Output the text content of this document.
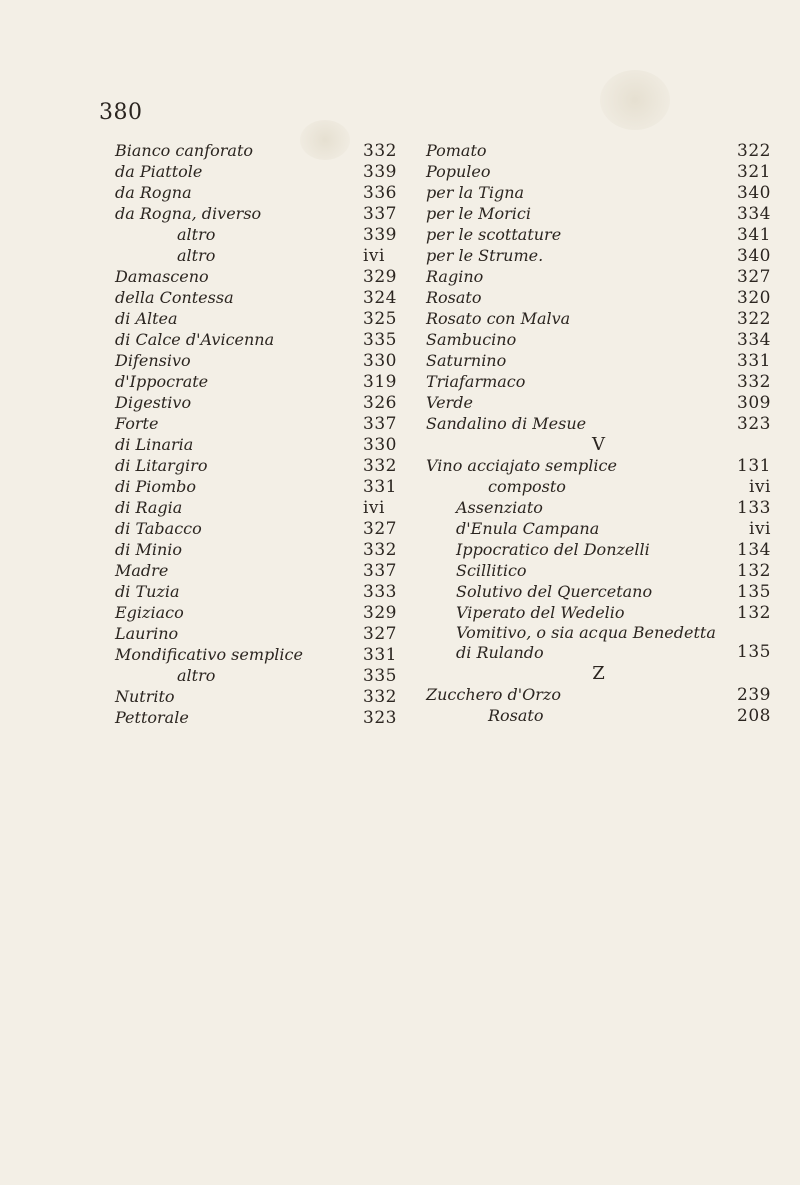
380
Bianco canforato	332
da Piattole	339
da Rogna	336
da Rogna, diverso	337
altro	339
altro	ivi
Damasceno	329
della Contessa	324
di Altea	325
di Calce d'Avicenna	335
Difensivo	330
d'Ippocrate	319
Digestivo	326
Forte	337
di Linaria	330
di Litargiro	332
di Piombo	331
di Ragia	ivi
di Tabacco	327
di Minio	332
Madre	337
di Tuzia	333
Egiziaco	329
Laurino	327
Mondificativo semplice	331
altro	335
Nutrito	332
Pettorale	323
Pomato	322
Populeo	321
per la Tigna	340
per le Morici	334
per le scottature	341
per le Strume.	340
Ragino	327
Rosato	320
Rosato con Malva	322
Sambucino	334
Saturnino	331
Triafarmaco	332
Verde	309
Sandalino di Mesue	323
V
Vino acciajato semplice	131
composto	ivi
Assenziato	133
d'Enula Campana	ivi
Ippocratico del Donzelli	134
Scillitico	132
Solutivo del Quercetano	135
Viperato del Wedelio	132
Vomitivo, o sia acqua Benedetta di Rulando	135
Z
Zucchero d'Orzo	239
Rosato	208
